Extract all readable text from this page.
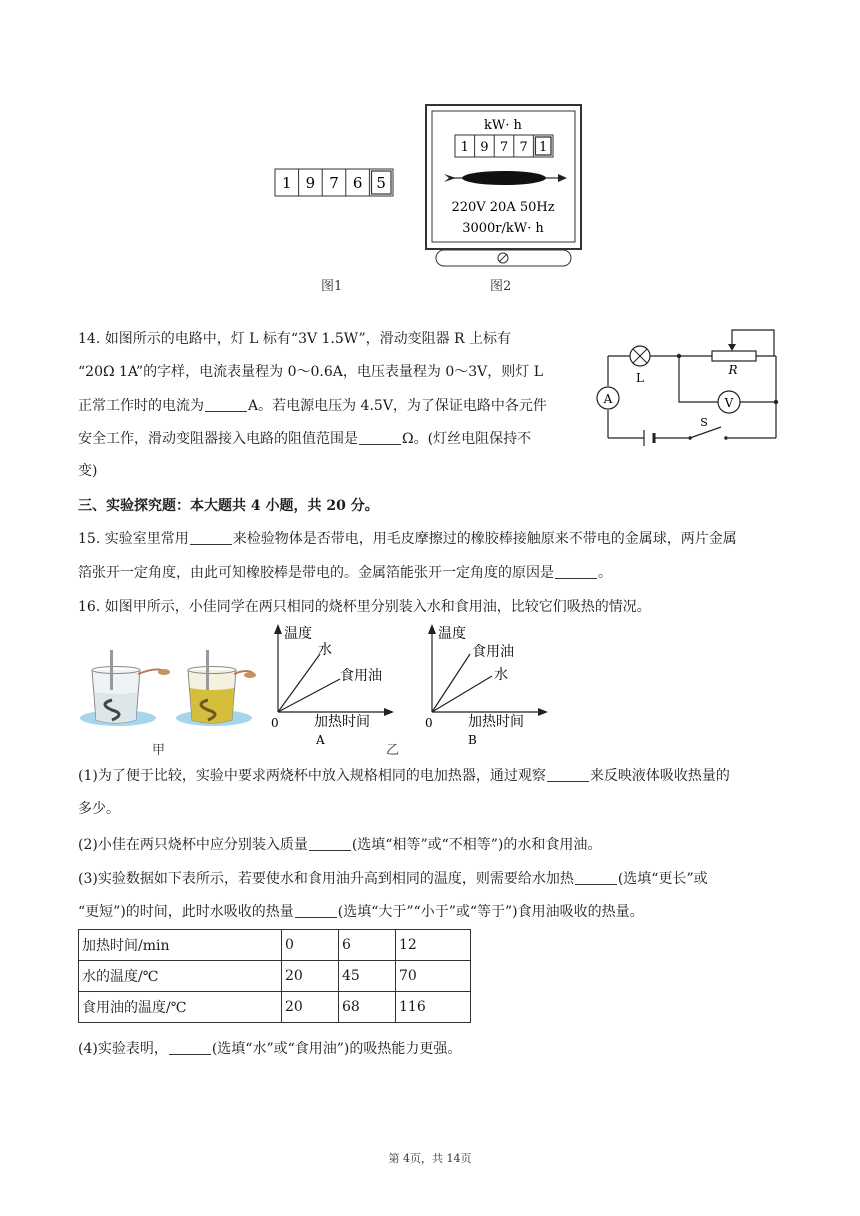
1 9 7 6 5
图1
kW· h
1 9 7 7 1
220V 20A 50Hz
3000r/kW· h
图2
14. 如图所示的电路中，灯 L 标有“3V 1.5W”，滑动变阻器 R 上标有
“20Ω 1A”的字样，电流表量程为 0～0.6A，电压表量程为 0～3V，则灯 L
正常工作时的电流为	A。若电源电压为 4.5V，为了保证电路中各元件
安全工作，滑动变阻器接入电路的阻值范围是	Ω。(灯丝电阻保持不
变)
L
R
V
A
S
三、实验探究题：本大题共 4 小题，共 20 分。
15. 实验室里常用	来检验物体是否带电，用毛皮摩擦过的橡胶棒接触原来不带电的金属球，两片金属
箔张开一定角度，由此可知橡胶棒是带电的。金属箔能张开一定角度的原因是	。
16. 如图甲所示，小佳同学在两只相同的烧杯里分别装入水和食用油，比较它们吸热的情况。
甲
温度
水
食用油
0	加热时间
A
乙
温度
食用油
水
0	加热时间
B
(1)为了便于比较，实验中要求两烧杯中放入规格相同的电加热器，通过观察	来反映液体吸收热量的
多少。
(2)小佳在两只烧杯中应分别装入质量	(选填“相等”或“不相等”)的水和食用油。
(3)实验数据如下表所示，若要使水和食用油升高到相同的温度，则需要给水加热	(选填“更长”或
“更短”)的时间，此时水吸收的热量	(选填“大于”“小于”或“等于”)食用油吸收的热量。
加热时间/min	0	6	12
水的温度/℃	20	45	70
食用油的温度/℃	20	68	116
(4)实验表明，	(选填“水”或“食用油”)的吸热能力更强。
第 4页，共 14页
